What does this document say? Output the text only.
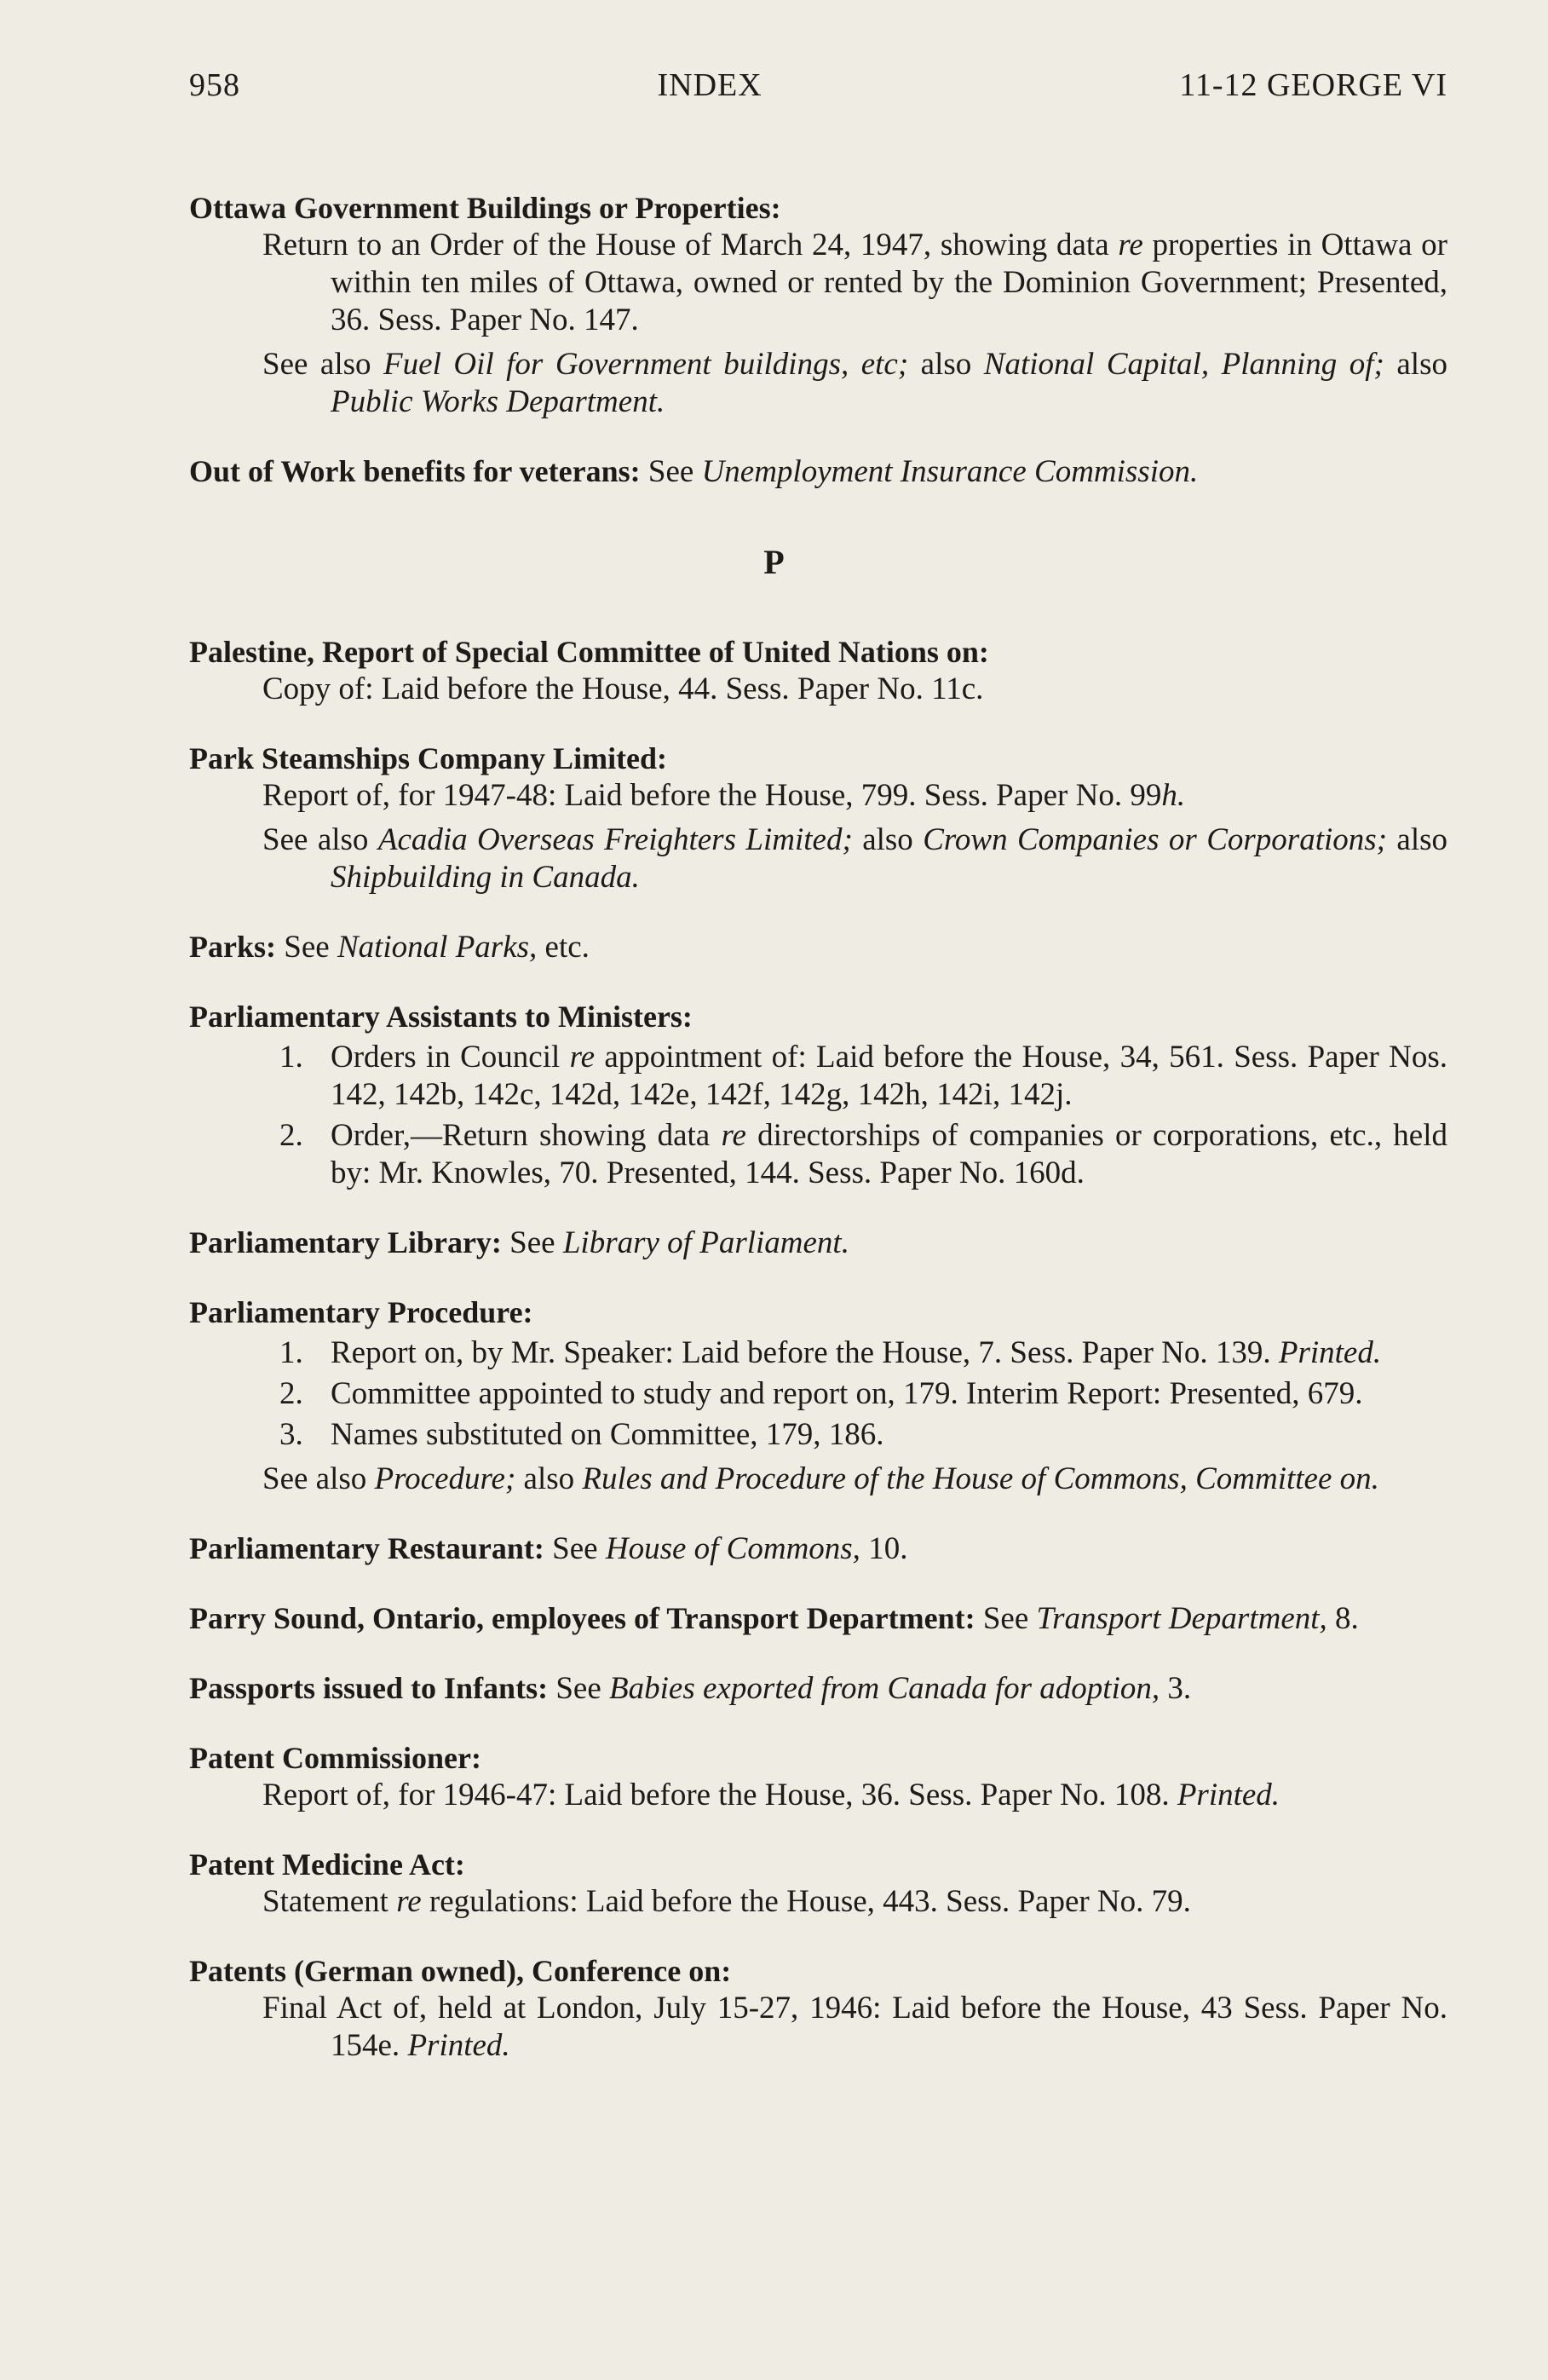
958	INDEX	11-12 GEORGE VI
Ottawa Government Buildings or Properties:
Return to an Order of the House of March 24, 1947, showing data re properties in Ottawa or within ten miles of Ottawa, owned or rented by the Dominion Government; Presented, 36. Sess. Paper No. 147.
See also Fuel Oil for Government buildings, etc; also National Capital, Planning of; also Public Works Department.
Out of Work benefits for veterans: See Unemployment Insurance Commission.
P
Palestine, Report of Special Committee of United Nations on:
Copy of: Laid before the House, 44. Sess. Paper No. 11c.
Park Steamships Company Limited:
Report of, for 1947-48: Laid before the House, 799. Sess. Paper No. 99h.
See also Acadia Overseas Freighters Limited; also Crown Companies or Corporations; also Shipbuilding in Canada.
Parks: See National Parks, etc.
Parliamentary Assistants to Ministers:
1. Orders in Council re appointment of: Laid before the House, 34, 561. Sess. Paper Nos. 142, 142b, 142c, 142d, 142e, 142f, 142g, 142h, 142i, 142j.
2. Order,—Return showing data re directorships of companies or corporations, etc., held by: Mr. Knowles, 70. Presented, 144. Sess. Paper No. 160d.
Parliamentary Library: See Library of Parliament.
Parliamentary Procedure:
1. Report on, by Mr. Speaker: Laid before the House, 7. Sess. Paper No. 139. Printed.
2. Committee appointed to study and report on, 179. Interim Report: Presented, 679.
3. Names substituted on Committee, 179, 186.
See also Procedure; also Rules and Procedure of the House of Commons, Committee on.
Parliamentary Restaurant: See House of Commons, 10.
Parry Sound, Ontario, employees of Transport Department: See Transport Department, 8.
Passports issued to Infants: See Babies exported from Canada for adoption, 3.
Patent Commissioner:
Report of, for 1946-47: Laid before the House, 36. Sess. Paper No. 108. Printed.
Patent Medicine Act:
Statement re regulations: Laid before the House, 443. Sess. Paper No. 79.
Patents (German owned), Conference on:
Final Act of, held at London, July 15-27, 1946: Laid before the House, 43 Sess. Paper No. 154e. Printed.
